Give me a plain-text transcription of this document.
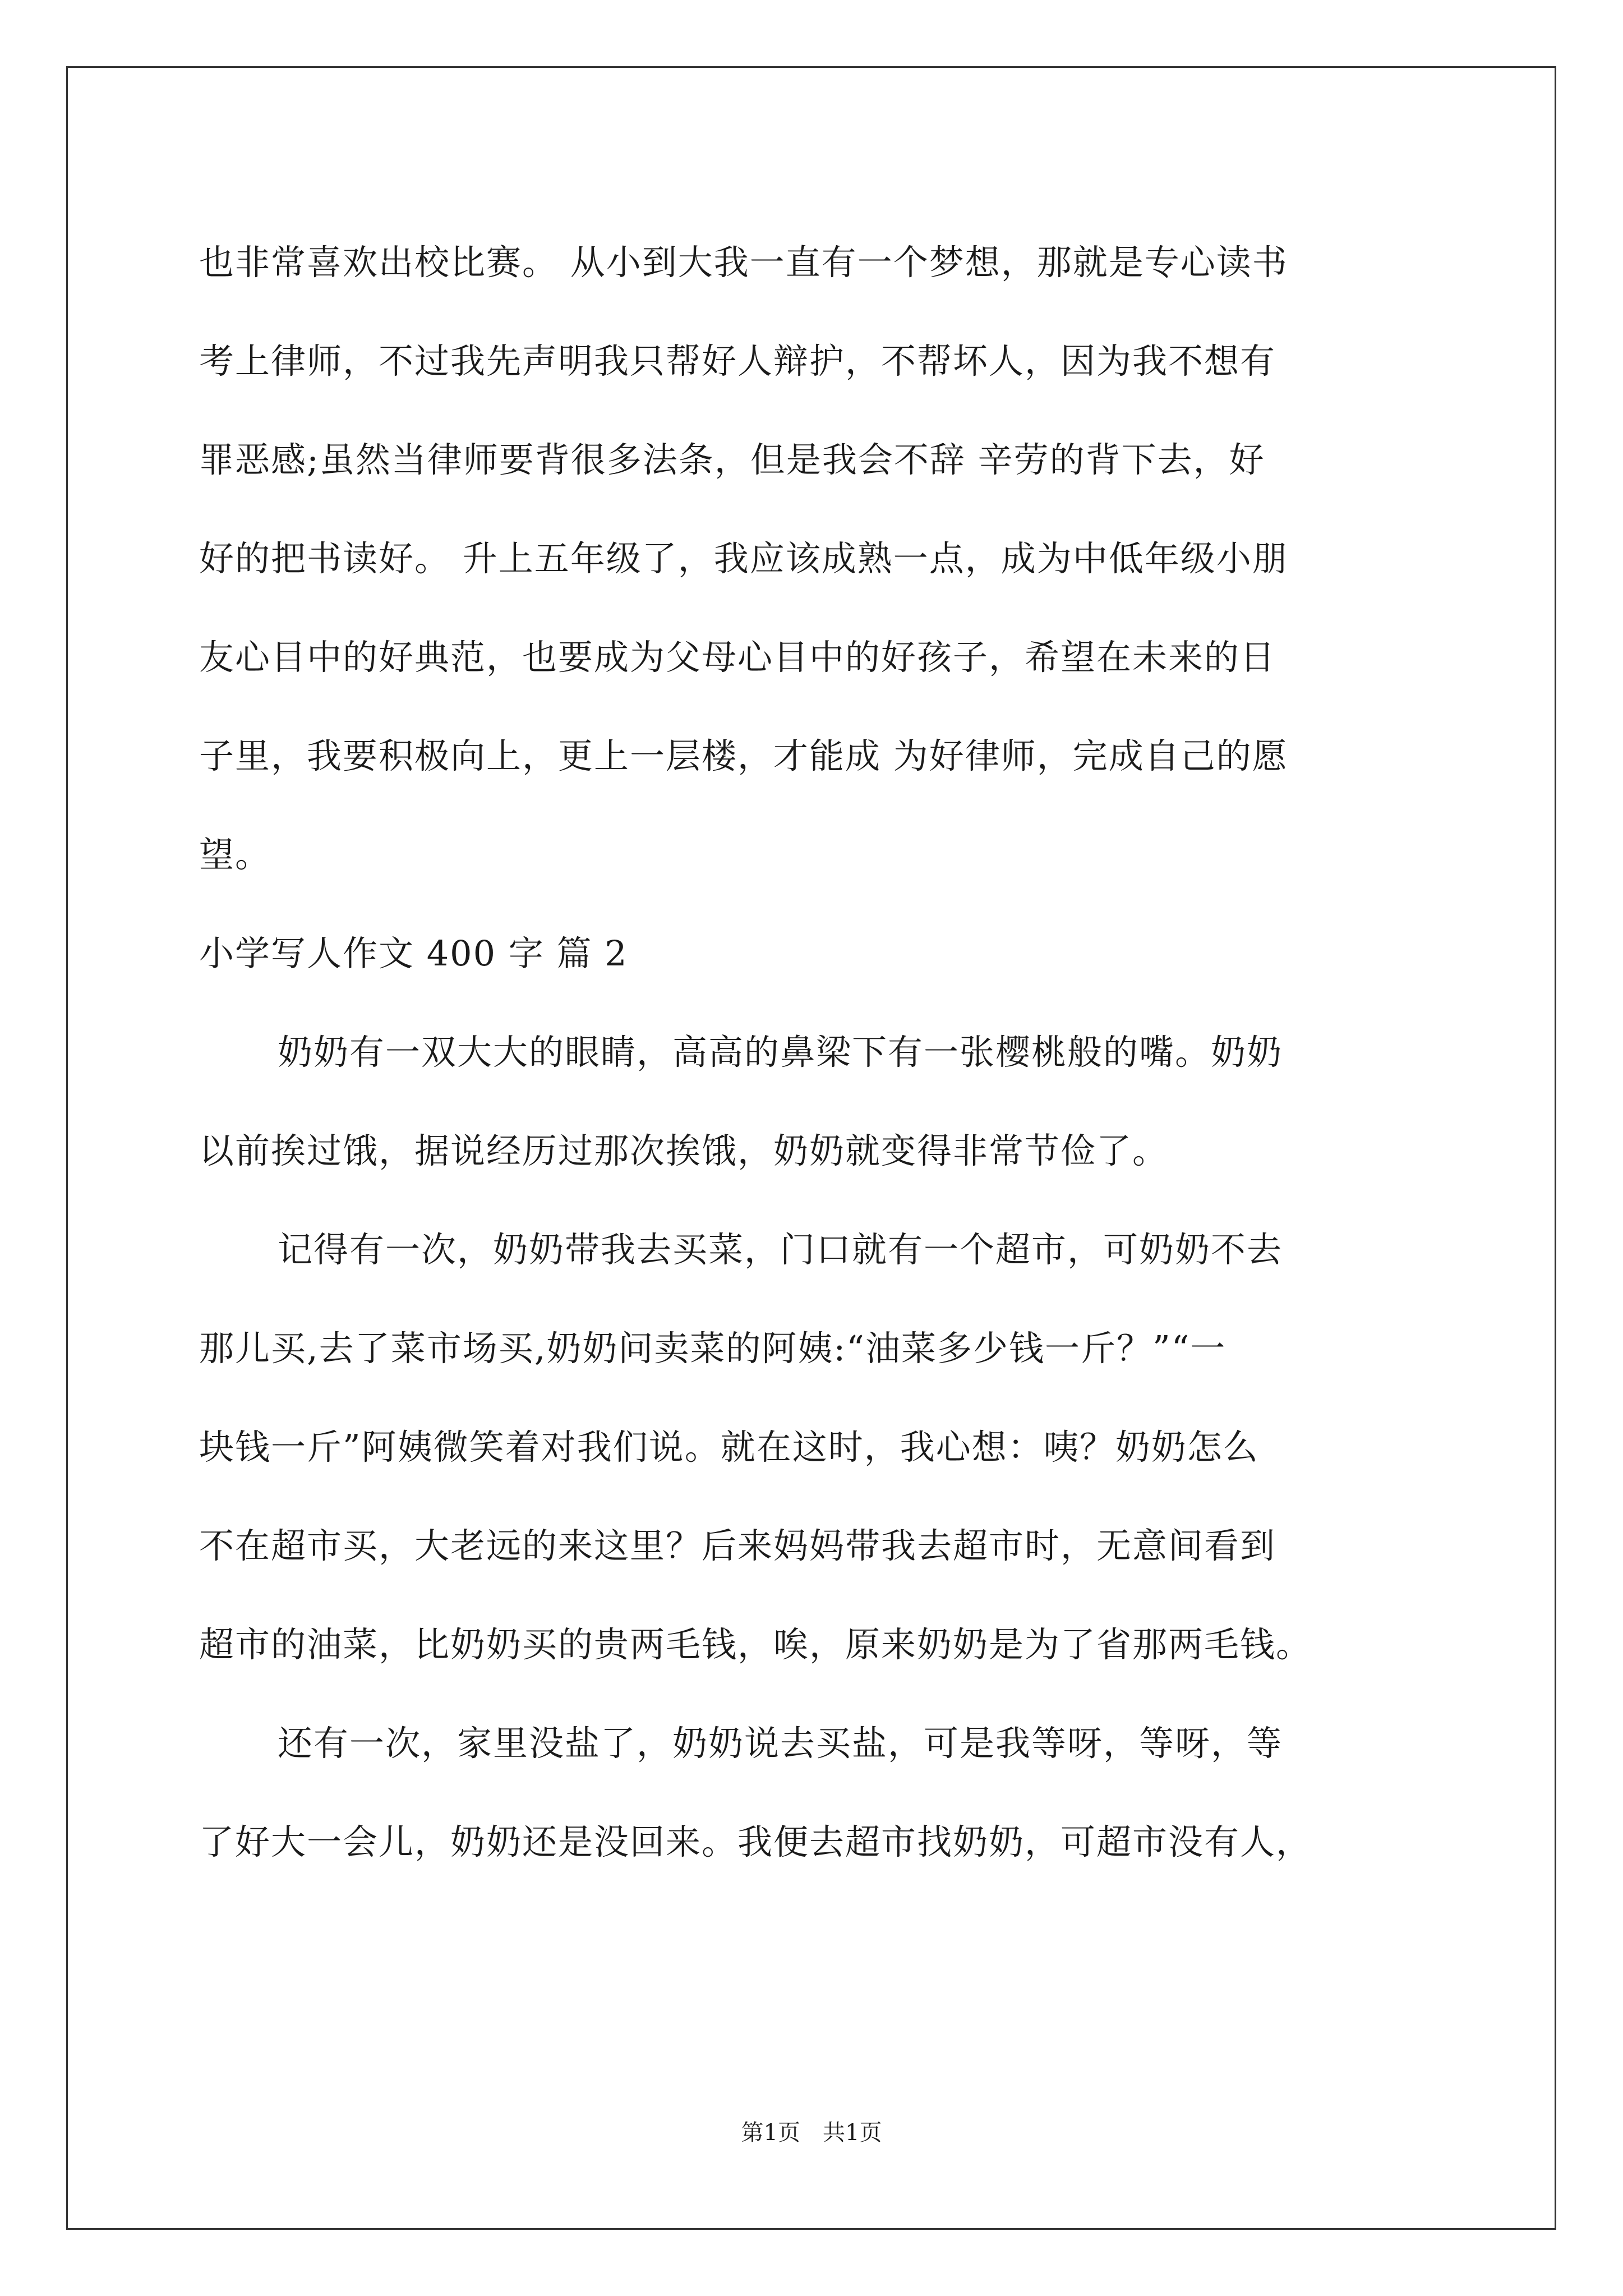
也非常喜欢出校比赛。 从小到大我一直有一个梦想，那就是专心读书
考上律师，不过我先声明我只帮好人辩护，不帮坏人，因为我不想有
罪恶感;虽然当律师要背很多法条，但是我会不辞 辛劳的背下去，好
好的把书读好。 升上五年级了，我应该成熟一点，成为中低年级小朋
友心目中的好典范，也要成为父母心目中的好孩子，希望在未来的日
子里，我要积极向上，更上一层楼，才能成 为好律师，完成自己的愿
望。
小学写人作文 400 字 篇 2
奶奶有一双大大的眼睛，高高的鼻梁下有一张樱桃般的嘴。奶奶
以前挨过饿，据说经历过那次挨饿，奶奶就变得非常节俭了。
记得有一次，奶奶带我去买菜，门口就有一个超市，可奶奶不去
那儿买,去了菜市场买,奶奶问卖菜的阿姨:“油菜多少钱一斤？”“一
块钱一斤”阿姨微笑着对我们说。就在这时，我心想：咦？奶奶怎么
不在超市买，大老远的来这里？后来妈妈带我去超市时，无意间看到
超市的油菜，比奶奶买的贵两毛钱，唉，原来奶奶是为了省那两毛钱。
还有一次，家里没盐了，奶奶说去买盐，可是我等呀，等呀，等
了好大一会儿，奶奶还是没回来。我便去超市找奶奶，可超市没有人，
第1页 共1页
